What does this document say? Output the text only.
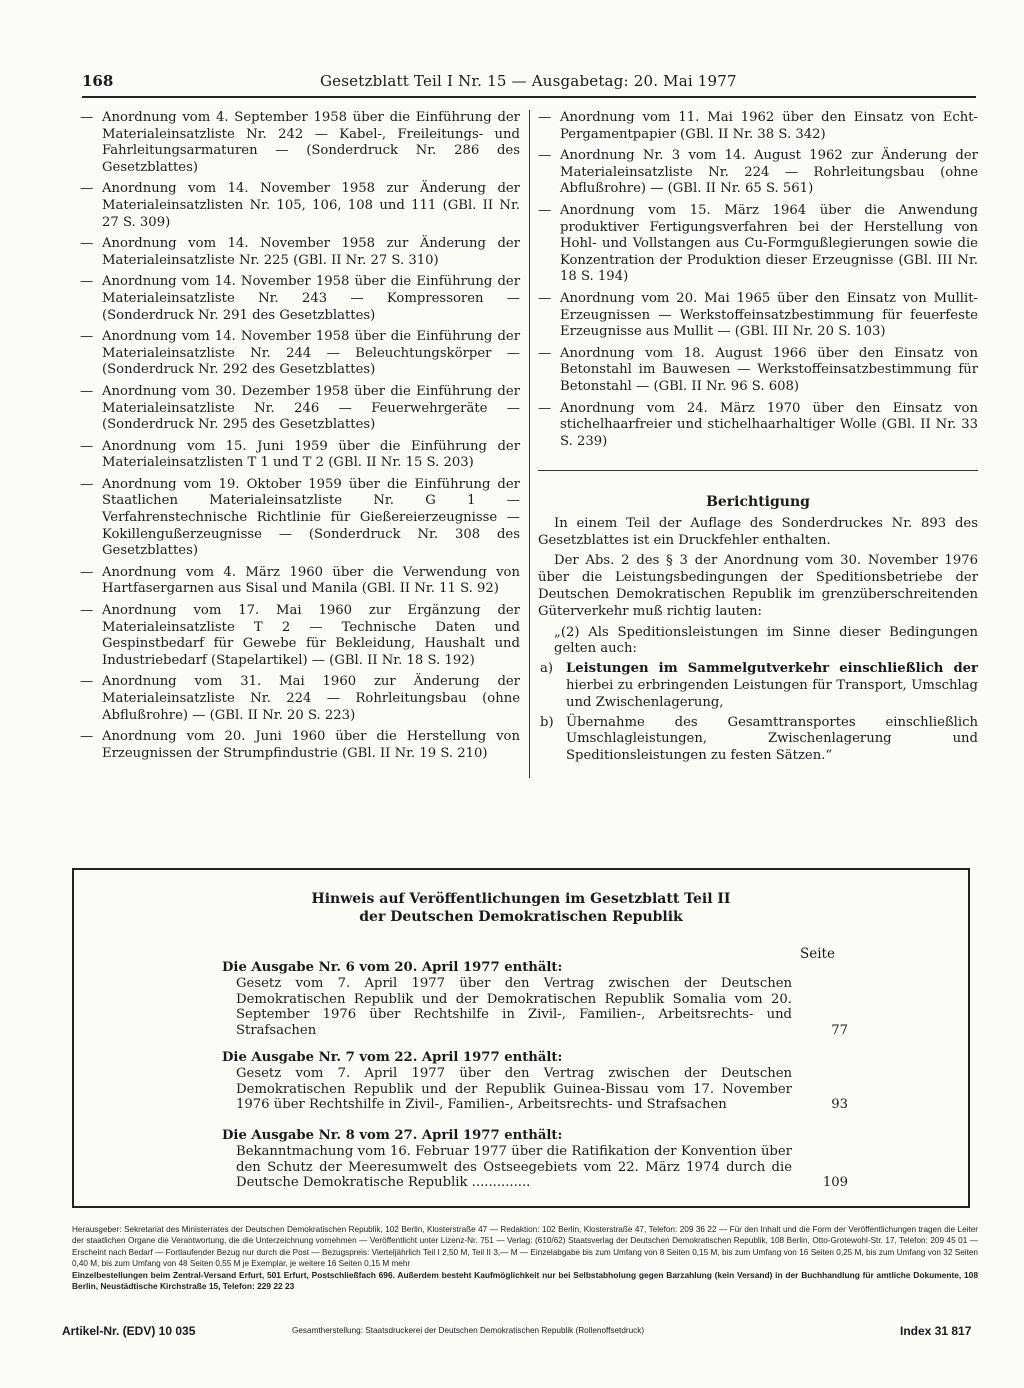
168	Gesetzblatt Teil I Nr. 15 — Ausgabetag: 20. Mai 1977
— Anordnung vom 4. September 1958 über die Einführung der Materialeinsatzliste Nr. 242 — Kabel-, Freileitungs- und Fahrleitungsarmaturen — (Sonderdruck Nr. 286 des Gesetzblattes)
— Anordnung vom 14. November 1958 zur Änderung der Materialeinsatzlisten Nr. 105, 106, 108 und 111 (GBl. II Nr. 27 S. 309)
— Anordnung vom 14. November 1958 zur Änderung der Materialeinsatzliste Nr. 225 (GBl. II Nr. 27 S. 310)
— Anordnung vom 14. November 1958 über die Einführung der Materialeinsatzliste Nr. 243 — Kompressoren — (Sonderdruck Nr. 291 des Gesetzblattes)
— Anordnung vom 14. November 1958 über die Einführung der Materialeinsatzliste Nr. 244 — Beleuchtungskörper — (Sonderdruck Nr. 292 des Gesetzblattes)
— Anordnung vom 30. Dezember 1958 über die Einführung der Materialeinsatzliste Nr. 246 — Feuerwehrgeräte — (Sonderdruck Nr. 295 des Gesetzblattes)
— Anordnung vom 15. Juni 1959 über die Einführung der Materialeinsatzlisten T 1 und T 2 (GBl. II Nr. 15 S. 203)
— Anordnung vom 19. Oktober 1959 über die Einführung der Staatlichen Materialeinsatzliste Nr. G 1 — Verfahrenstechnische Richtlinie für Gießereierzeugnisse — Kokillengußerzeugnisse — (Sonderdruck Nr. 308 des Gesetzblattes)
— Anordnung vom 4. März 1960 über die Verwendung von Hartfasergarnen aus Sisal und Manila (GBl. II Nr. 11 S. 92)
— Anordnung vom 17. Mai 1960 zur Ergänzung der Materialeinsatzliste T 2 — Technische Daten und Gespinstbedarf für Gewebe für Bekleidung, Haushalt und Industriebedarf (Stapelartikel) — (GBl. II Nr. 18 S. 192)
— Anordnung vom 31. Mai 1960 zur Änderung der Materialeinsatzliste Nr. 224 — Rohrleitungsbau (ohne Abflußrohre) — (GBl. II Nr. 20 S. 223)
— Anordnung vom 20. Juni 1960 über die Herstellung von Erzeugnissen der Strumpfindustrie (GBl. II Nr. 19 S. 210)
— Anordnung vom 11. Mai 1962 über den Einsatz von Echt-Pergamentpapier (GBl. II Nr. 38 S. 342)
— Anordnung Nr. 3 vom 14. August 1962 zur Änderung der Materialeinsatzliste Nr. 224 — Rohrleitungsbau (ohne Abflußrohre) — (GBl. II Nr. 65 S. 561)
— Anordnung vom 15. März 1964 über die Anwendung produktiver Fertigungsverfahren bei der Herstellung von Hohl- und Vollstangen aus Cu-Formgußlegierungen sowie die Konzentration der Produktion dieser Erzeugnisse (GBl. III Nr. 18 S. 194)
— Anordnung vom 20. Mai 1965 über den Einsatz von Mullit-Erzeugnissen — Werkstoffeinsatzbestimmung für feuerfeste Erzeugnisse aus Mullit — (GBl. III Nr. 20 S. 103)
— Anordnung vom 18. August 1966 über den Einsatz von Betonstahl im Bauwesen — Werkstoffeinsatzbestimmung für Betonstahl — (GBl. II Nr. 96 S. 608)
— Anordnung vom 24. März 1970 über den Einsatz von stichelhaarfreier und stichelhaarhaltiger Wolle (GBl. II Nr. 33 S. 239)
Berichtigung

In einem Teil der Auflage des Sonderdruckes Nr. 893 des Gesetzblattes ist ein Druckfehler enthalten.

Der Abs. 2 des § 3 der Anordnung vom 30. November 1976 über die Leistungsbedingungen der Speditionsbetriebe der Deutschen Demokratischen Republik im grenzüberschreitenden Güterverkehr muß richtig lauten:

„(2) Als Speditionsleistungen im Sinne dieser Bedingungen gelten auch:
a) Leistungen im Sammelgutverkehr einschließlich der hierbei zu erbringenden Leistungen für Transport, Umschlag und Zwischenlagerung,
b) Übernahme des Gesamttransportes einschließlich Umschlagleistungen, Zwischenlagerung und Speditionsleistungen zu festen Sätzen.“
Hinweis auf Veröffentlichungen im Gesetzblatt Teil II
der Deutschen Demokratischen Republik
Seite
Die Ausgabe Nr. 6 vom 20. April 1977 enthält:
Gesetz vom 7. April 1977 über den Vertrag zwischen der Deutschen Demokratischen Republik und der Demokratischen Republik Somalia vom 20. September 1976 über Rechtshilfe in Zivil-, Familien-, Arbeitsrechts- und Strafsachen	77
Die Ausgabe Nr. 7 vom 22. April 1977 enthält:
Gesetz vom 7. April 1977 über den Vertrag zwischen der Deutschen Demokratischen Republik und der Republik Guinea-Bissau vom 17. November 1976 über Rechtshilfe in Zivil-, Familien-, Arbeitsrechts- und Strafsachen	93
Die Ausgabe Nr. 8 vom 27. April 1977 enthält:
Bekanntmachung vom 16. Februar 1977 über die Ratifikation der Konvention über den Schutz der Meeresumwelt des Ostseegebiets vom 22. März 1974 durch die Deutsche Demokratische Republik ..............	109
Herausgeber: Sekretariat des Ministerrates der Deutschen Demokratischen Republik, 102 Berlin, Klosterstraße 47 — Redaktion: 102 Berlin, Klosterstraße 47, Telefon: 209 36 22 — Für den Inhalt und die Form der Veröffentlichungen tragen die Leiter der staatlichen Organe die Verantwortung, die die Unterzeichnung vornehmen — Veröffentlicht unter Lizenz-Nr. 751 — Verlag: (610/62) Staatsverlag der Deutschen Demokratischen Republik, 108 Berlin, Otto-Grotewohl-Str. 17, Telefon: 209 45 01 — Erscheint nach Bedarf — Fortlaufender Bezug nur durch die Post — Bezugspreis: Vierteljährlich Teil I 2,50 M, Teil II 3,— M — Einzelabgabe bis zum Umfang von 8 Seiten 0,15 M, bis zum Umfang von 16 Seiten 0,25 M, bis zum Umfang von 32 Seiten 0,40 M, bis zum Umfang von 48 Seiten 0,55 M je Exemplar, je weitere 16 Seiten 0,15 M mehr
Einzelbestellungen beim Zentral-Versand Erfurt, 501 Erfurt, Postschließfach 696. Außerdem besteht Kaufmöglichkeit nur bei Selbstabholung gegen Barzahlung (kein Versand) in der Buchhandlung für amtliche Dokumente, 108 Berlin, Neustädtische Kirchstraße 15, Telefon: 229 22 23
Artikel-Nr. (EDV) 10 035	Gesamtherstellung: Staatsdruckerei der Deutschen Demokratischen Republik (Rollenoffsetdruck)	Index 31 817
